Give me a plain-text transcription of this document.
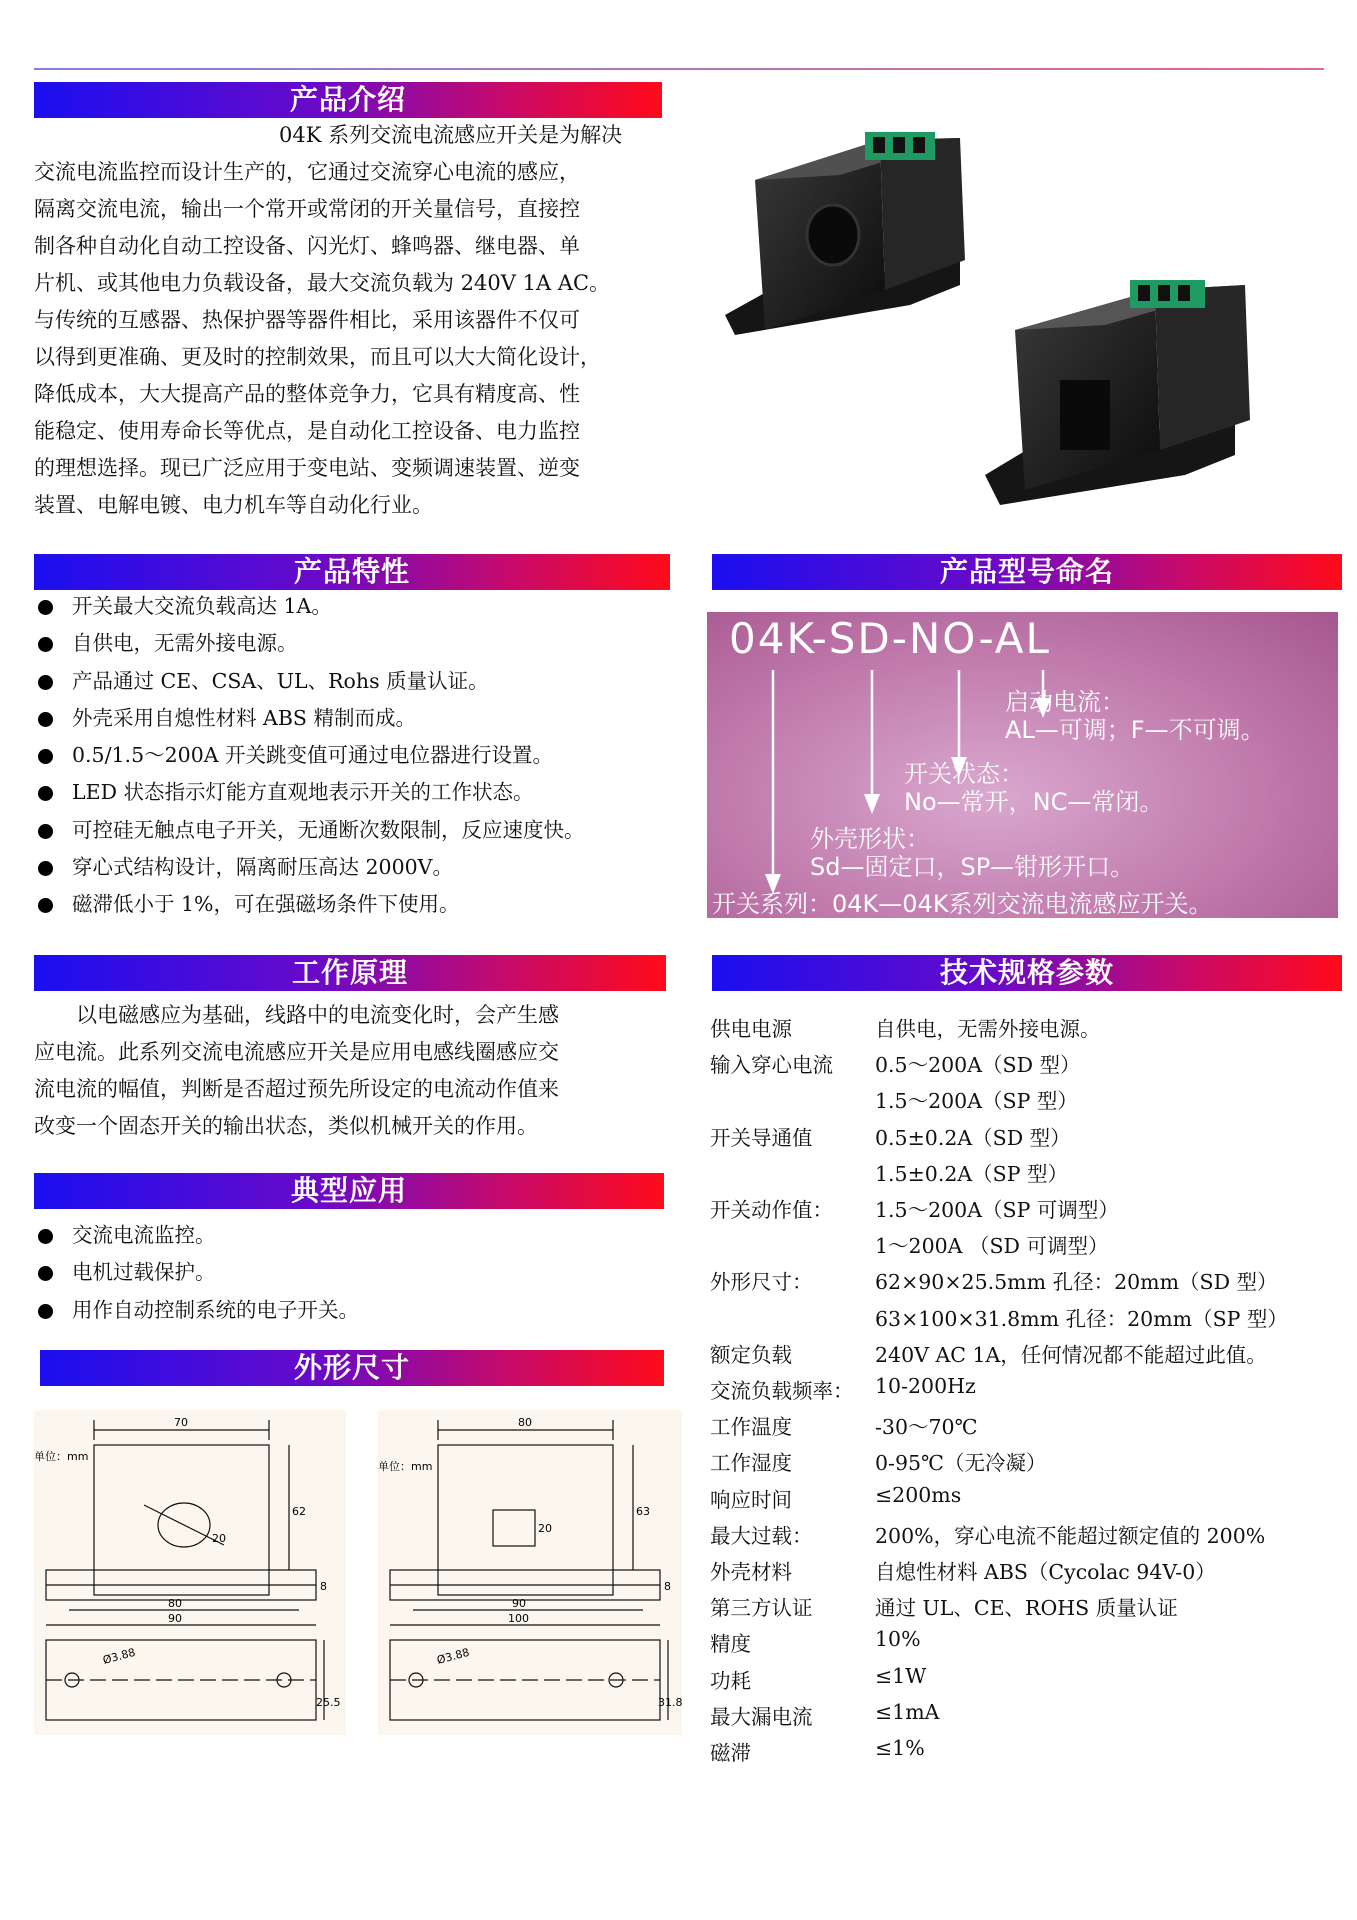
产品介绍
04K 系列交流电流感应开关是为解决
交流电流监控而设计生产的，它通过交流穿心电流的感应，
隔离交流电流，输出一个常开或常闭的开关量信号，直接控
制各种自动化自动工控设备、闪光灯、蜂鸣器、继电器、单
片机、或其他电力负载设备，最大交流负载为 240V 1A AC。
与传统的互感器、热保护器等器件相比，采用该器件不仅可
以得到更准确、更及时的控制效果，而且可以大大简化设计，
降低成本，大大提高产品的整体竞争力，它具有精度高、性
能稳定、使用寿命长等优点，是自动化工控设备、电力监控
的理想选择。现已广泛应用于变电站、变频调速装置、逆变
装置、电解电镀、电力机车等自动化行业。
产品特性
开关最大交流负载高达 1A。
自供电，无需外接电源。
产品通过 CE、CSA、UL、Rohs 质量认证。
外壳采用自熄性材料 ABS 精制而成。
0.5/1.5～200A 开关跳变值可通过电位器进行设置。
LED 状态指示灯能方直观地表示开关的工作状态。
可控硅无触点电子开关，无通断次数限制，反应速度快。
穿心式结构设计，隔离耐压高达 2000V。
磁滞低小于 1%，可在强磁场条件下使用。
产品型号命名
04K-SD-NO-AL
启动电流：
AL—可调；F—不可调。
开关状态：
No—常开，NC—常闭。
外壳形状：
Sd—固定口，SP—钳形开口。
开关系列：04K—04K系列交流电流感应开关。
工作原理
以电磁感应为基础，线路中的电流变化时，会产生感
应电流。此系列交流电流感应开关是应用电感线圈感应交
流电流的幅值，判断是否超过预先所设定的电流动作值来
改变一个固态开关的输出状态，类似机械开关的作用。
技术规格参数
供电电源	自供电，无需外接电源。
输入穿心电流 0.5～200A（SD 型）
1.5～200A（SP 型）
开关导通值	0.5±0.2A（SD 型）
1.5±0.2A（SP 型）
开关动作值： 1.5～200A（SP 可调型）
1～200A （SD 可调型）
外形尺寸：	62×90×25.5mm 孔径：20mm（SD 型）
63×100×31.8mm 孔径：20mm（SP 型）
额定负载	240V AC 1A，任何情况都不能超过此值。
交流负载频率： 10-200Hz
工作温度	-30～70℃
工作湿度	0-95℃（无冷凝）
响应时间	≤200ms
最大过载：	200%，穿心电流不能超过额定值的 200%
外壳材料	自熄性材料 ABS（Cycolac 94V-0）
第三方认证	通过 UL、CE、ROHS 质量认证
精度	10%
功耗	≤1W
最大漏电流	≤1mA
磁滞	≤1%
典型应用
交流电流监控。
电机过载保护。
用作自动控制系统的电子开关。
外形尺寸
单位：mm
70
62
20
80
90
8
Ø3.88
25.5
单位：mm
80
63
20
90
100
8
Ø3.88
31.8
